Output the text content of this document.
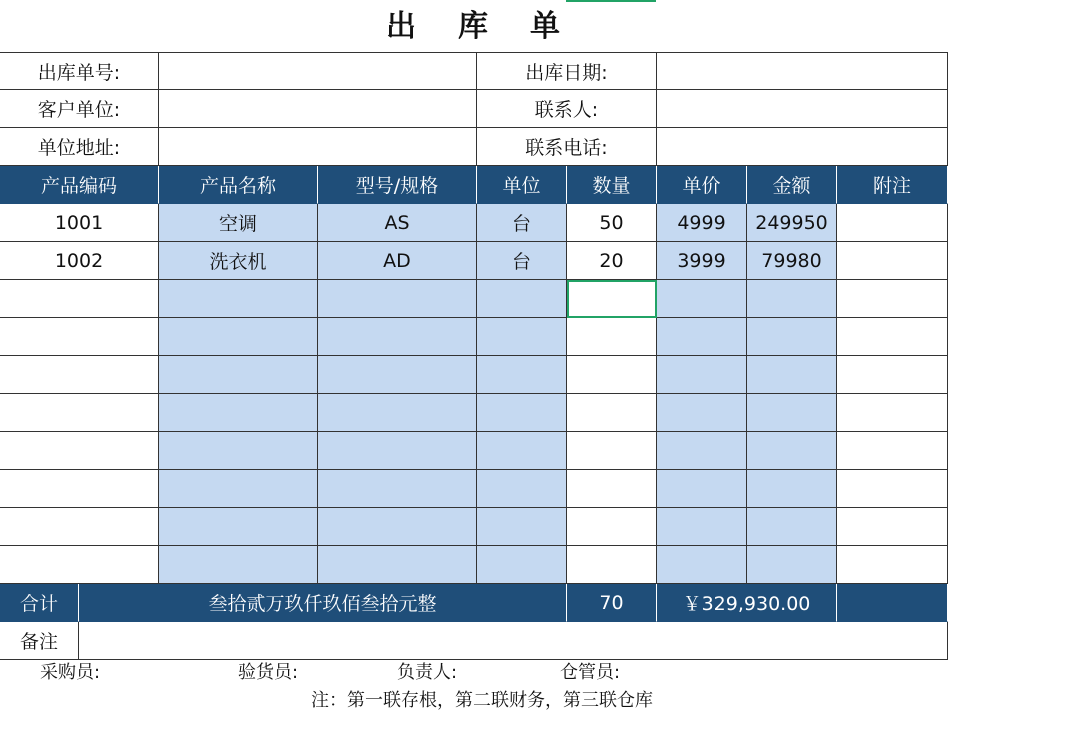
出 库 单
出库单号:	出库日期:
客户单位:	联系人:
单位地址:	联系电话:
产品编码	产品名称	型号/规格	单位	数量	单价	金额	附注
1001	空调	AS	台	50	4999	249950
1002	洗衣机	AD	台	20	3999	79980
合计	叁拾贰万玖仟玖佰叁拾元整	70	￥329,930.00
备注
采购员:	验货员:	负责人:	仓管员:
注：第一联存根，第二联财务，第三联仓库
